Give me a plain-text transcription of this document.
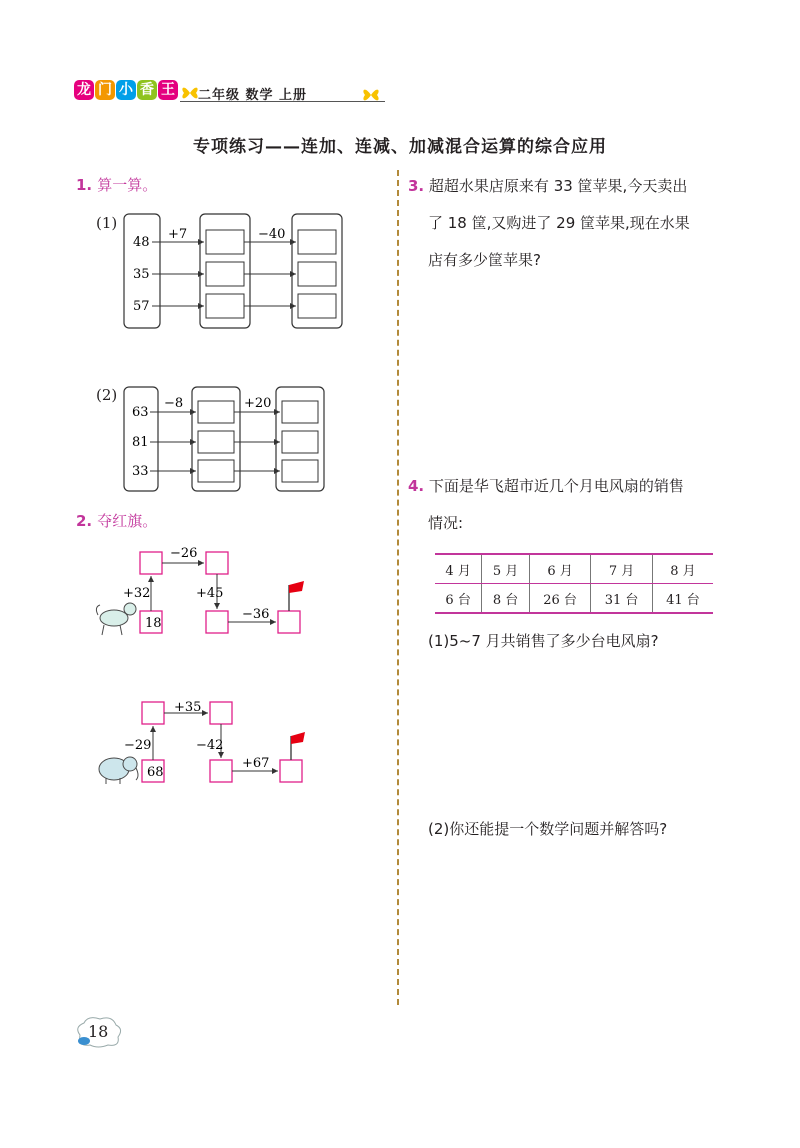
龙 门 小 香 王 二年级 数学 上册
专项练习——连加、连减、加减混合运算的综合应用
1. 算一算。
(1)
48
35
57
+7	−40
(2)
63
81
33
−8	+20
2. 夺红旗。
18
+32
−26
+45
−36
68
−29
+35
−42
+67
3. 超超水果店原来有 33 筐苹果,今天卖出
了 18 筐,又购进了 29 筐苹果,现在水果
店有多少筐苹果?
4. 下面是华飞超市近几个月电风扇的销售
情况:
4 月	5 月	6 月	7 月	8 月
6 台	8 台	26 台	31 台	41 台
(1)5~7 月共销售了多少台电风扇?
(2)你还能提一个数学问题并解答吗?
18
